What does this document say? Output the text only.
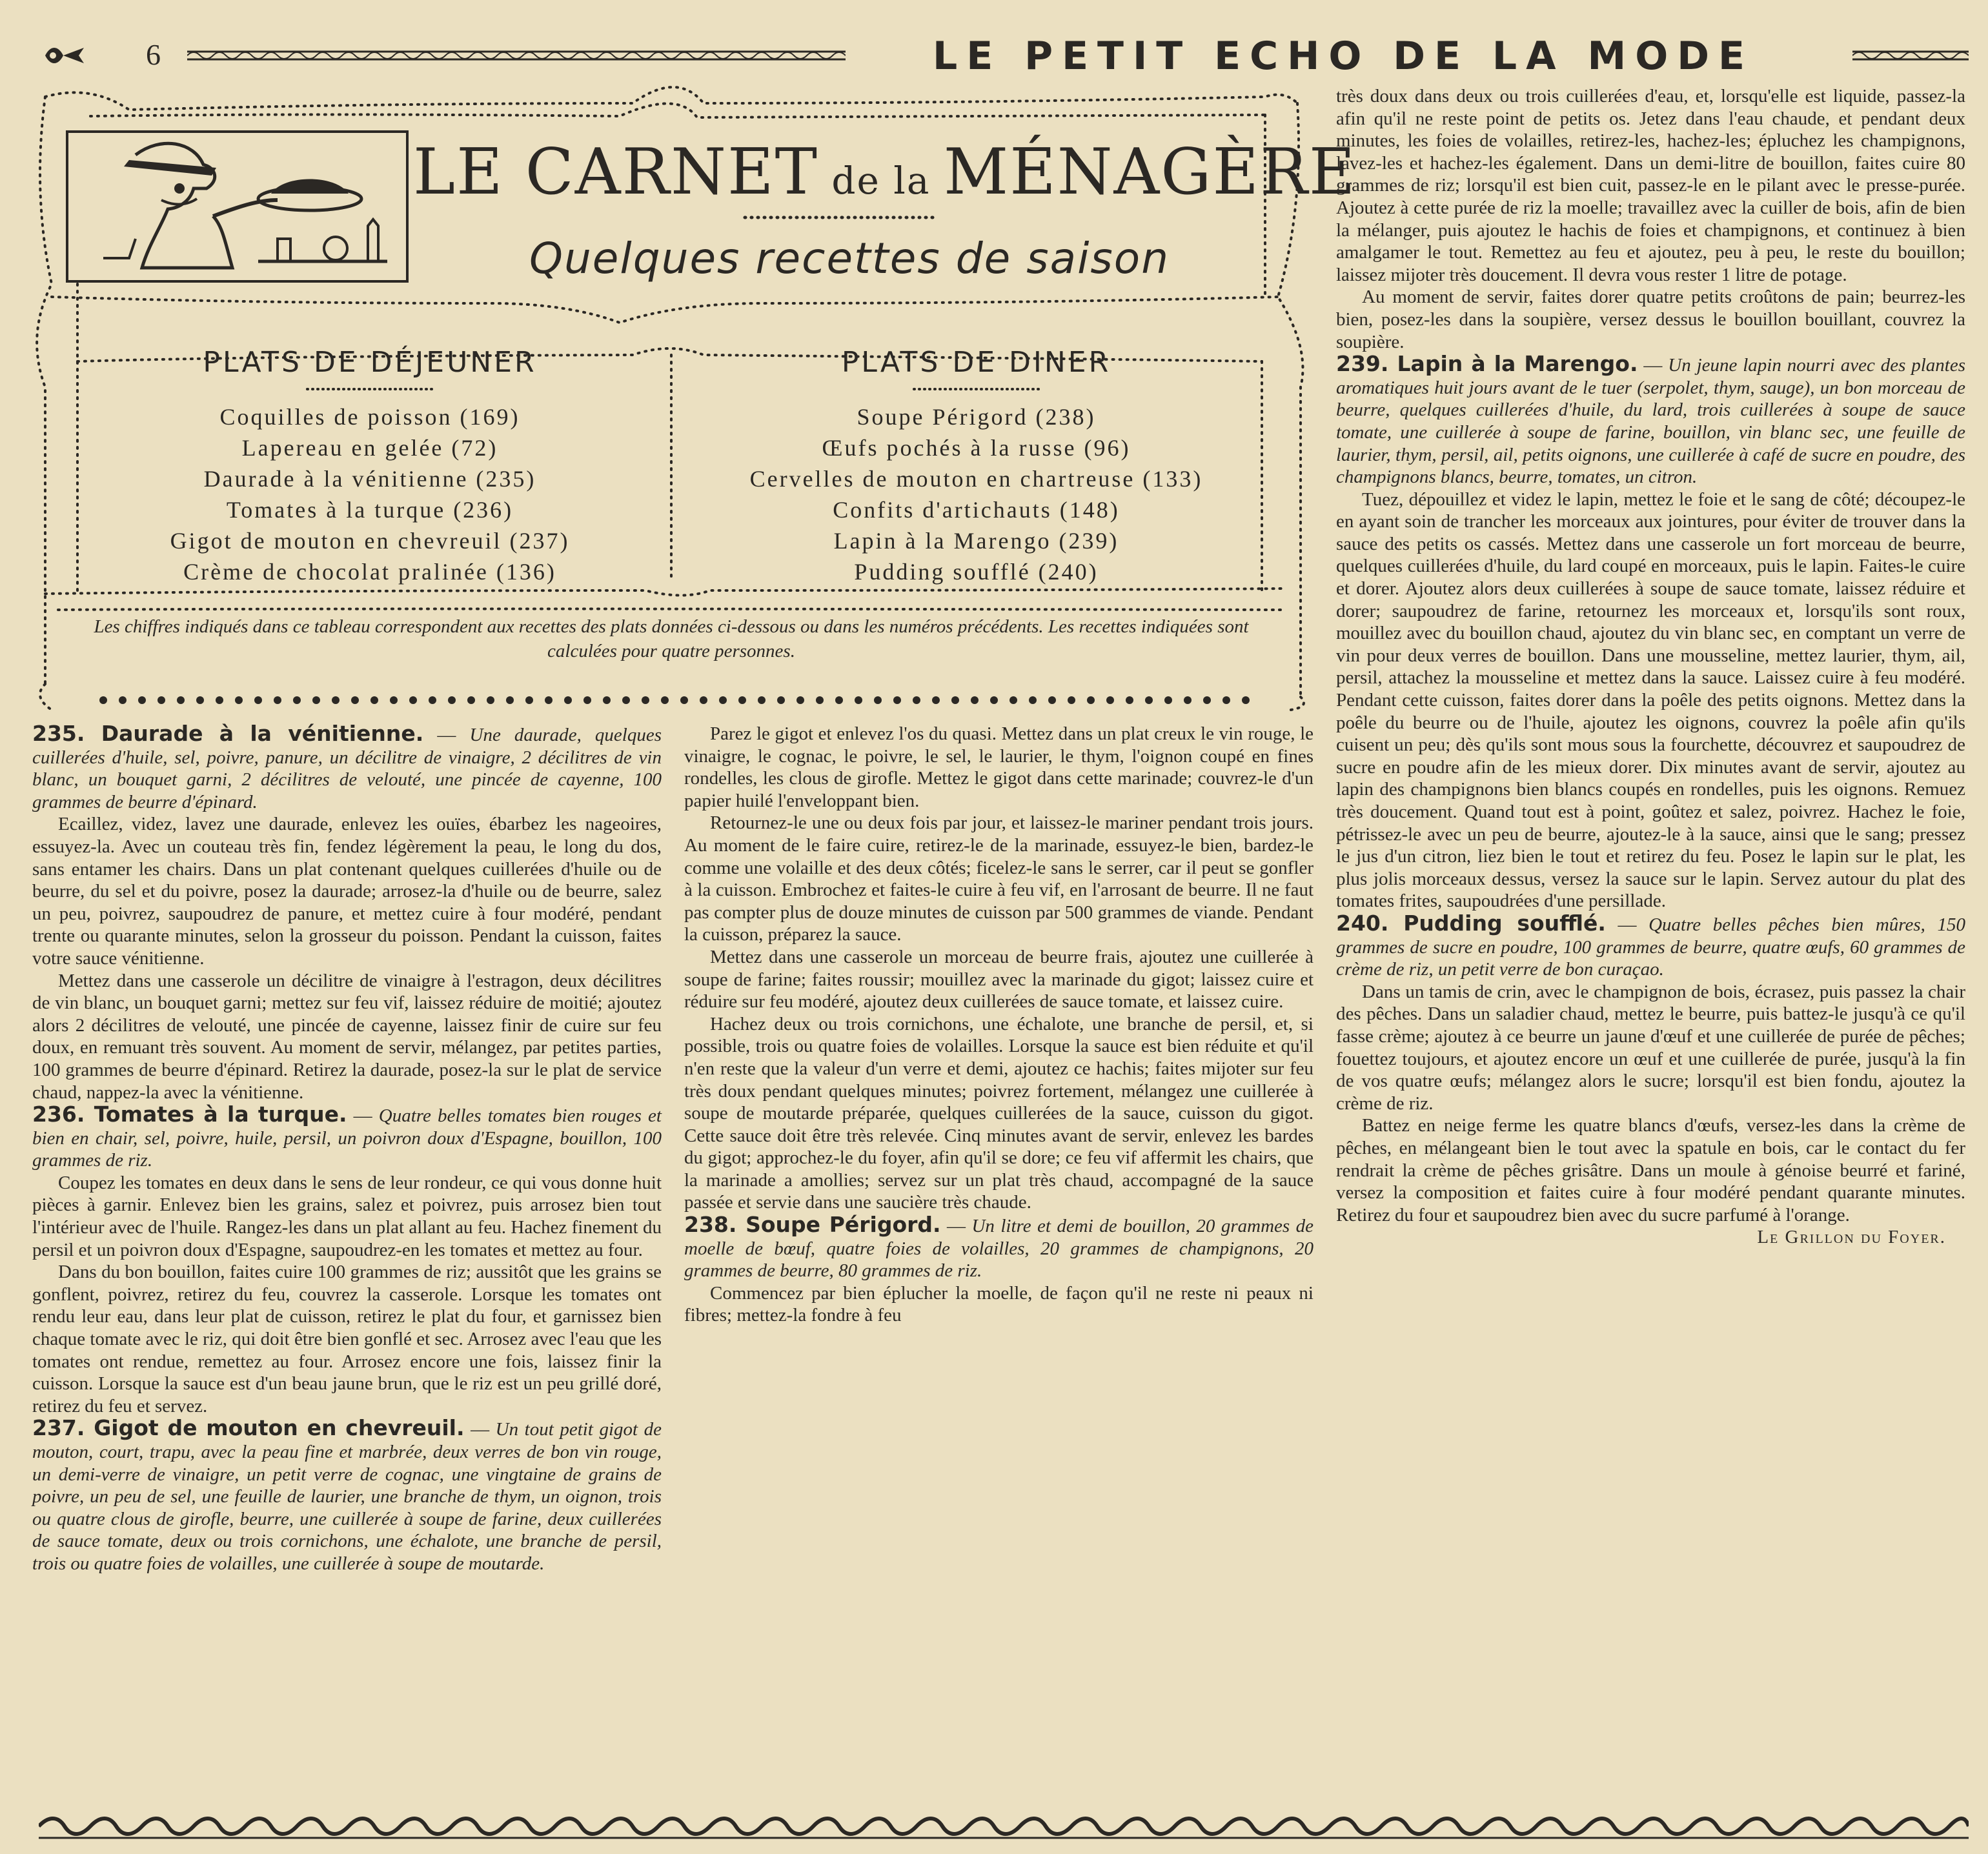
6	LE PETIT ECHO DE LA MODE
LE CARNET de la MÉNAGÈRE
Quelques recettes de saison
PLATS DE DÉJEUNER
Coquilles de poisson (169)
Lapereau en gelée (72)
Daurade à la vénitienne (235)
Tomates à la turque (236)
Gigot de mouton en chevreuil (237)
Crème de chocolat pralinée (136)
PLATS DE DINER
Soupe Périgord (238)
Œufs pochés à la russe (96)
Cervelles de mouton en chartreuse (133)
Confits d'artichauts (148)
Lapin à la Marengo (239)
Pudding soufflé (240)
Les chiffres indiqués dans ce tableau correspondent aux recettes des plats données ci-dessous ou dans les numéros précédents. Les recettes indiquées sont calculées pour quatre personnes.

235. Daurade à la vénitienne. — Une daurade, quelques cuillerées d'huile, sel, poivre, panure, un décilitre de vinaigre, 2 décilitres de vin blanc, un bouquet garni, 2 décilitres de velouté, une pincée de cayenne, 100 grammes de beurre d'épinard.

Ecaillez, videz, lavez une daurade, enlevez les ouïes, ébarbez les nageoires, essuyez-la. Avec un couteau très fin, fendez légèrement la peau, le long du dos, sans entamer les chairs. Dans un plat contenant quelques cuillerées d'huile ou de beurre, du sel et du poivre, posez la daurade; arrosez-la d'huile ou de beurre, salez un peu, poivrez, saupoudrez de panure, et mettez cuire à four modéré, pendant trente ou quarante minutes, selon la grosseur du poisson. Pendant la cuisson, faites votre sauce vénitienne.

Mettez dans une casserole un décilitre de vinaigre à l'estragon, deux décilitres de vin blanc, un bouquet garni; mettez sur feu vif, laissez réduire de moitié; ajoutez alors 2 décilitres de velouté, une pincée de cayenne, laissez finir de cuire sur feu doux, en remuant très souvent. Au moment de servir, mélangez, par petites parties, 100 grammes de beurre d'épinard. Retirez la daurade, posez-la sur le plat de service chaud, nappez-la avec la vénitienne.

236. Tomates à la turque. — Quatre belles tomates bien rouges et bien en chair, sel, poivre, huile, persil, un poivron doux d'Espagne, bouillon, 100 grammes de riz.

Coupez les tomates en deux dans le sens de leur rondeur, ce qui vous donne huit pièces à garnir. Enlevez bien les grains, salez et poivrez, puis arrosez bien tout l'intérieur avec de l'huile. Rangez-les dans un plat allant au feu. Hachez finement du persil et un poivron doux d'Espagne, saupoudrez-en les tomates et mettez au four.

Dans du bon bouillon, faites cuire 100 grammes de riz; aussitôt que les grains se gonflent, poivrez, retirez du feu, couvrez la casserole. Lorsque les tomates ont rendu leur eau, dans leur plat de cuisson, retirez le plat du four, et garnissez bien chaque tomate avec le riz, qui doit être bien gonflé et sec. Arrosez avec l'eau que les tomates ont rendue, remettez au four. Arrosez encore une fois, laissez finir la cuisson. Lorsque la sauce est d'un beau jaune brun, que le riz est un peu grillé doré, retirez du feu et servez.

237. Gigot de mouton en chevreuil. — Un tout petit gigot de mouton, court, trapu, avec la peau fine et marbrée, deux verres de bon vin rouge, un demi-verre de vinaigre, un petit verre de cognac, une vingtaine de grains de poivre, un peu de sel, une feuille de laurier, une branche de thym, un oignon, trois ou quatre clous de girofle, beurre, une cuillerée à soupe de farine, deux cuillerées de sauce tomate, deux ou trois cornichons, une échalote, une branche de persil, trois ou quatre foies de volailles, une cuillerée à soupe de moutarde.

Parez le gigot et enlevez l'os du quasi. Mettez dans un plat creux le vin rouge, le vinaigre, le cognac, le poivre, le sel, le laurier, le thym, l'oignon coupé en fines rondelles, les clous de girofle. Mettez le gigot dans cette marinade; couvrez-le d'un papier huilé l'enveloppant bien.

Retournez-le une ou deux fois par jour, et laissez-le mariner pendant trois jours. Au moment de le faire cuire, retirez-le de la marinade, essuyez-le bien, bardez-le comme une volaille et des deux côtés; ficelez-le sans le serrer, car il peut se gonfler à la cuisson. Embrochez et faites-le cuire à feu vif, en l'arrosant de beurre. Il ne faut pas compter plus de douze minutes de cuisson par 500 grammes de viande. Pendant la cuisson, préparez la sauce.

Mettez dans une casserole un morceau de beurre frais, ajoutez une cuillerée à soupe de farine; faites roussir; mouillez avec la marinade du gigot; laissez cuire et réduire sur feu modéré, ajoutez deux cuillerées de sauce tomate, et laissez cuire.

Hachez deux ou trois cornichons, une échalote, une branche de persil, et, si possible, trois ou quatre foies de volailles. Lorsque la sauce est bien réduite et qu'il n'en reste que la valeur d'un verre et demi, ajoutez ce hachis; faites mijoter sur feu très doux pendant quelques minutes; poivrez fortement, mélangez une cuillerée à soupe de moutarde préparée, quelques cuillerées de la sauce, cuisson du gigot. Cette sauce doit être très relevée. Cinq minutes avant de servir, enlevez les bardes du gigot; approchez-le du foyer, afin qu'il se dore; ce feu vif affermit les chairs, que la marinade a amollies; servez sur un plat très chaud, accompagné de la sauce passée et servie dans une saucière très chaude.

238. Soupe Périgord. — Un litre et demi de bouillon, 20 grammes de moelle de bœuf, quatre foies de volailles, 20 grammes de champignons, 20 grammes de beurre, 80 grammes de riz.

Commencez par bien éplucher la moelle, de façon qu'il ne reste ni peaux ni fibres; mettez-la fondre à feu

très doux dans deux ou trois cuillerées d'eau, et, lorsqu'elle est liquide, passez-la afin qu'il ne reste point de petits os. Jetez dans l'eau chaude, et pendant deux minutes, les foies de volailles, retirez-les, hachez-les; épluchez les champignons, lavez-les et hachez-les également. Dans un demi-litre de bouillon, faites cuire 80 grammes de riz; lorsqu'il est bien cuit, passez-le en le pilant avec le presse-purée. Ajoutez à cette purée de riz la moelle; travaillez avec la cuiller de bois, afin de bien la mélanger, puis ajoutez le hachis de foies et champignons, et continuez à bien amalgamer le tout. Remettez au feu et ajoutez, peu à peu, le reste du bouillon; laissez mijoter très doucement. Il devra vous rester 1 litre de potage.

Au moment de servir, faites dorer quatre petits croûtons de pain; beurrez-les bien, posez-les dans la soupière, versez dessus le bouillon bouillant, couvrez la soupière.

239. Lapin à la Marengo. — Un jeune lapin nourri avec des plantes aromatiques huit jours avant de le tuer (serpolet, thym, sauge), un bon morceau de beurre, quelques cuillerées d'huile, du lard, trois cuillerées à soupe de sauce tomate, une cuillerée à soupe de farine, bouillon, vin blanc sec, une feuille de laurier, thym, persil, ail, petits oignons, une cuillerée à café de sucre en poudre, des champignons blancs, beurre, tomates, un citron.

Tuez, dépouillez et videz le lapin, mettez le foie et le sang de côté; découpez-le en ayant soin de trancher les morceaux aux jointures, pour éviter de trouver dans la sauce des petits os cassés. Mettez dans une casserole un fort morceau de beurre, quelques cuillerées d'huile, du lard coupé en morceaux, puis le lapin. Faites-le cuire et dorer. Ajoutez alors deux cuillerées à soupe de sauce tomate, laissez réduire et dorer; saupoudrez de farine, retournez les morceaux et, lorsqu'ils sont roux, mouillez avec du bouillon chaud, ajoutez du vin blanc sec, en comptant un verre de vin pour deux verres de bouillon. Dans une mousseline, mettez laurier, thym, ail, persil, attachez la mousseline et mettez dans la sauce. Laissez cuire à feu modéré. Pendant cette cuisson, faites dorer dans la poêle des petits oignons. Mettez dans la poêle du beurre ou de l'huile, ajoutez les oignons, couvrez la poêle afin qu'ils cuisent un peu; dès qu'ils sont mous sous la fourchette, découvrez et saupoudrez de sucre en poudre afin de les mieux dorer. Dix minutes avant de servir, ajoutez au lapin des champignons bien blancs coupés en rondelles, puis les oignons. Remuez très doucement. Quand tout est à point, goûtez et salez, poivrez. Hachez le foie, pétrissez-le avec un peu de beurre, ajoutez-le à la sauce, ainsi que le sang; pressez le jus d'un citron, liez bien le tout et retirez du feu. Posez le lapin sur le plat, les plus jolis morceaux dessus, versez la sauce sur le lapin. Servez autour du plat des tomates frites, saupoudrées d'une persillade.

240. Pudding soufflé. — Quatre belles pêches bien mûres, 150 grammes de sucre en poudre, 100 grammes de beurre, quatre œufs, 60 grammes de crème de riz, un petit verre de bon curaçao.

Dans un tamis de crin, avec le champignon de bois, écrasez, puis passez la chair des pêches. Dans un saladier chaud, mettez le beurre, puis battez-le jusqu'à ce qu'il fasse crème; ajoutez à ce beurre un jaune d'œuf et une cuillerée de purée de pêches; fouettez toujours, et ajoutez encore un œuf et une cuillerée de purée, jusqu'à la fin de vos quatre œufs; mélangez alors le sucre; lorsqu'il est bien fondu, ajoutez la crème de riz.

Battez en neige ferme les quatre blancs d'œufs, versez-les dans la crème de pêches, en mélangeant bien le tout avec la spatule en bois, car le contact du fer rendrait la crème de pêches grisâtre. Dans un moule à génoise beurré et fariné, versez la composition et faites cuire à four modéré pendant quarante minutes. Retirez du four et saupoudrez bien avec du sucre parfumé à l'orange.

Le Grillon du Foyer.
